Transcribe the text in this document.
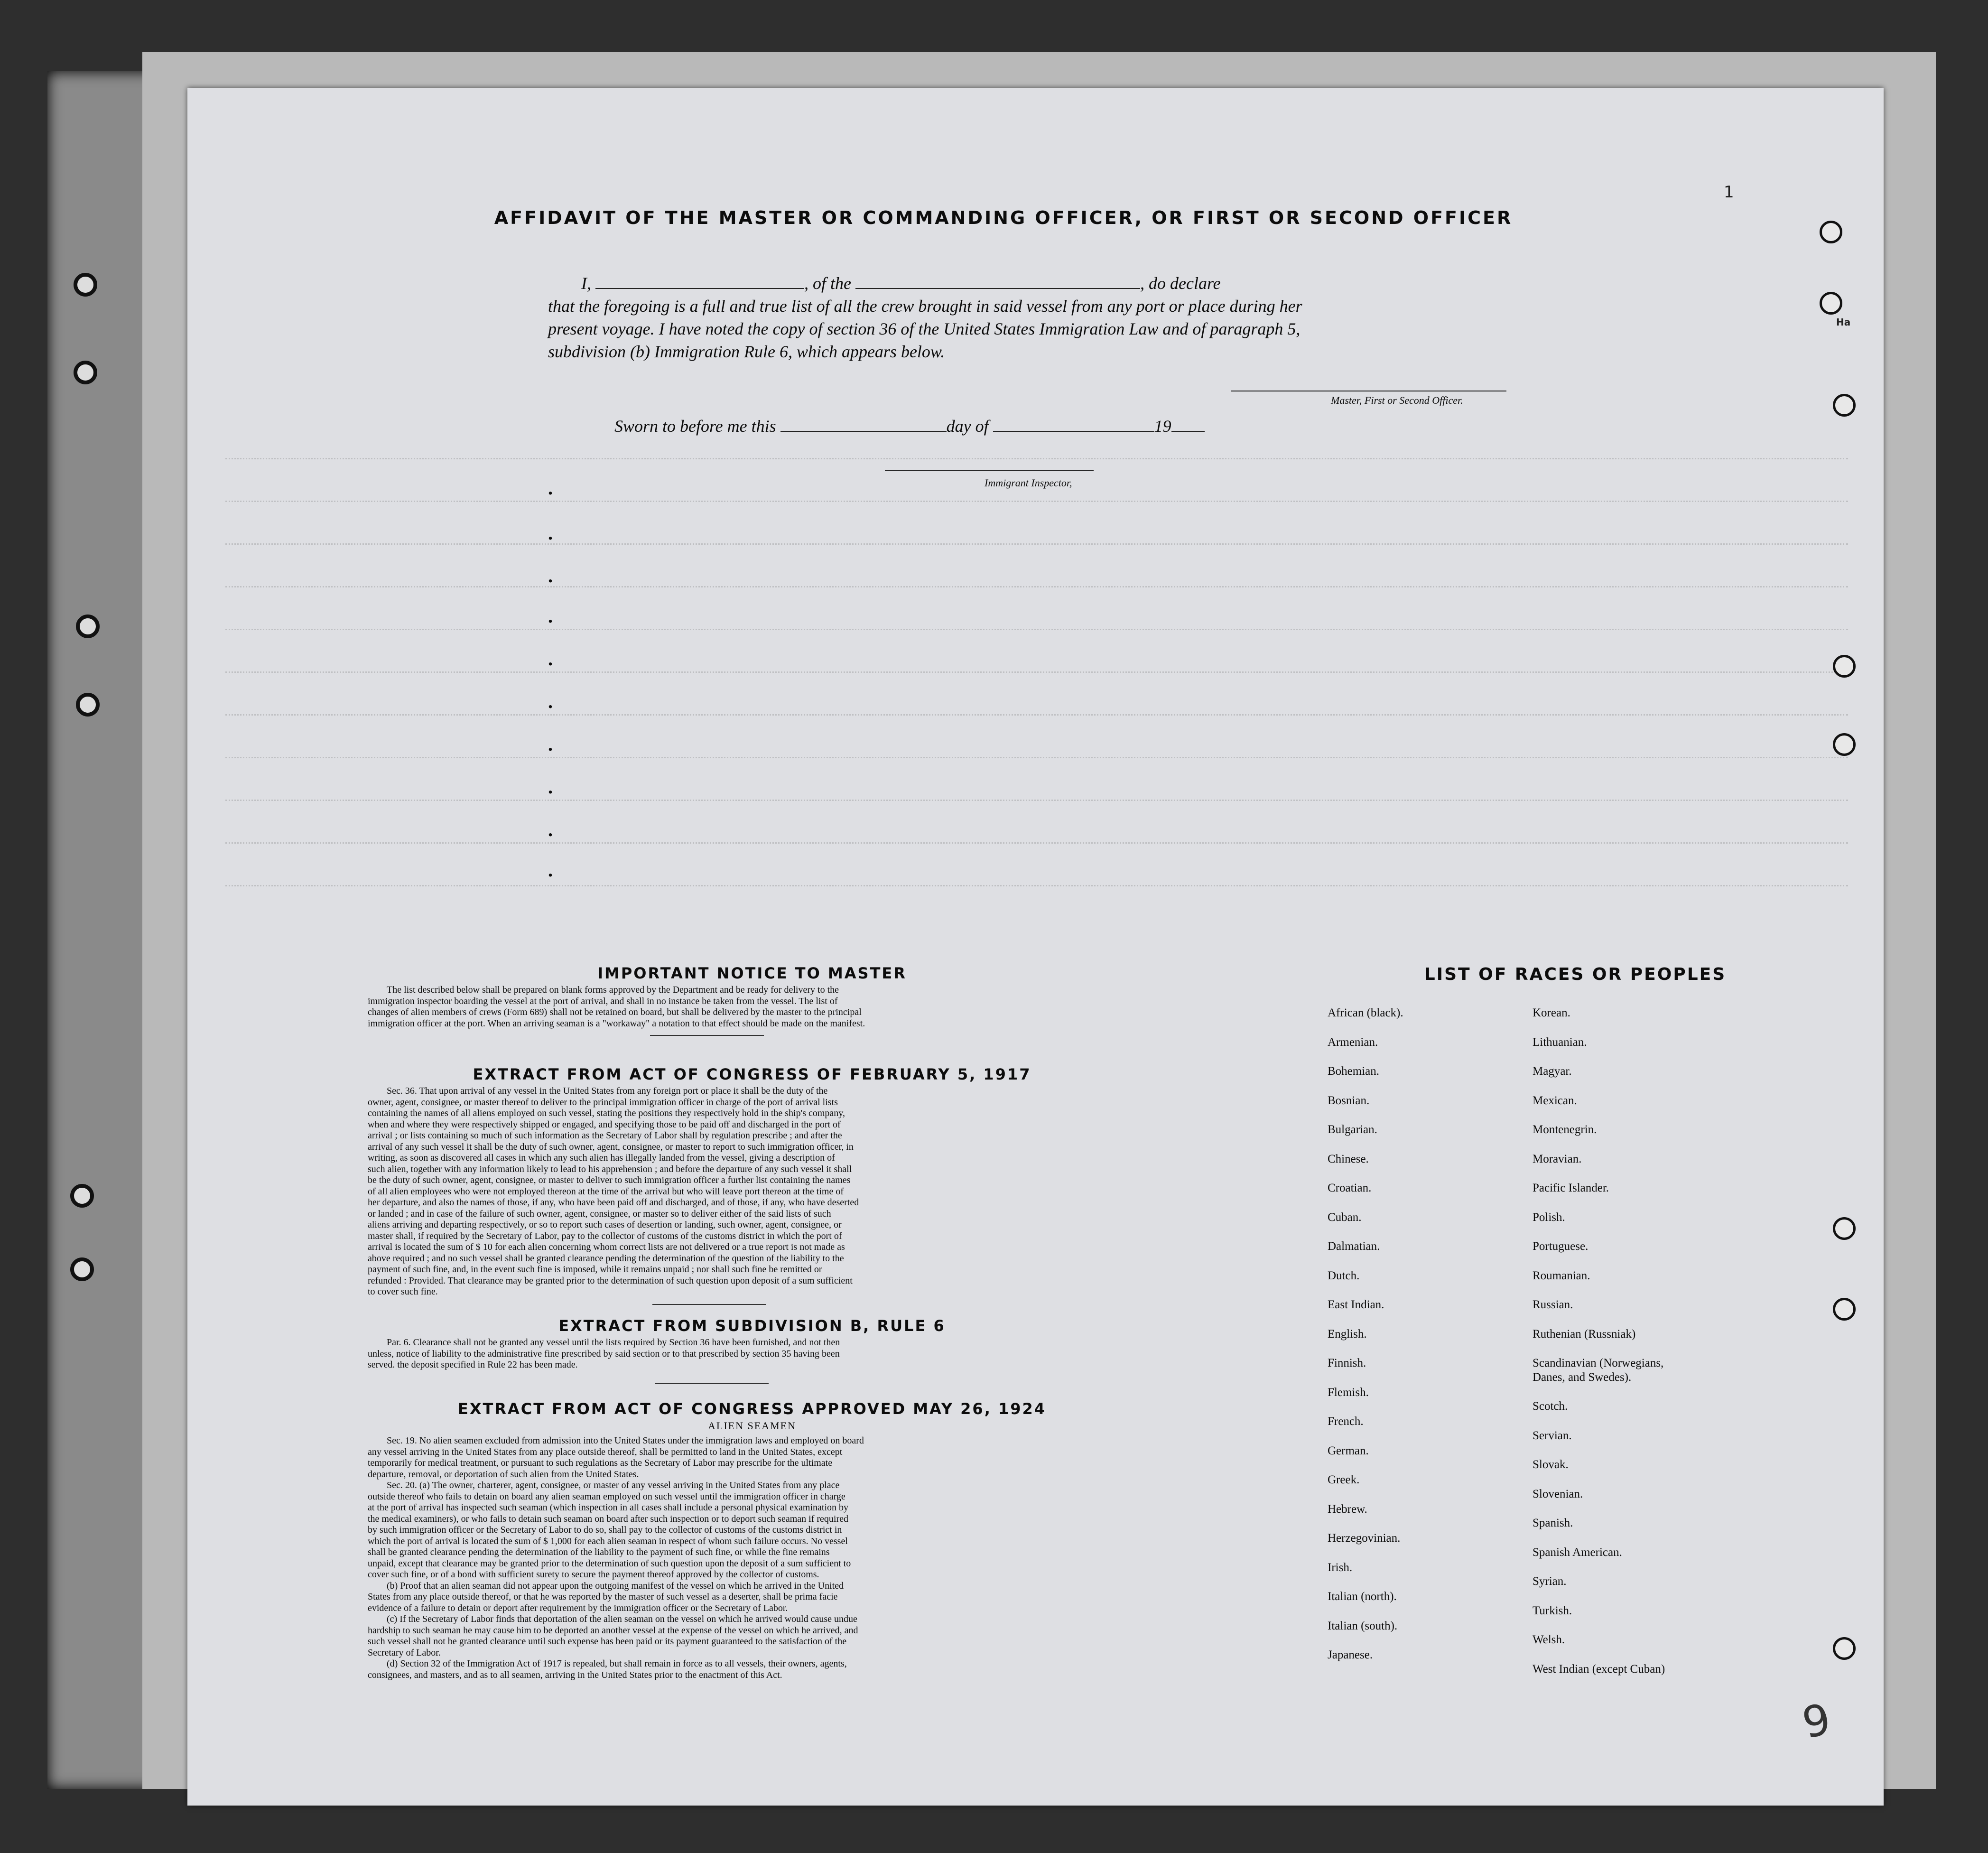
AFFIDAVIT OF THE MASTER OR COMMANDING OFFICER, OR FIRST OR SECOND OFFICER
I,	, of the	, do declare
that the foregoing is a full and true list of all the crew brought in said vessel from any port or place during her
present voyage. I have noted the copy of section 36 of the United States Immigration Law and of paragraph 5,
subdivision (b) Immigration Rule 6, which appears below.
Master, First or Second Officer.
Sworn to before me this	day of	19
Immigrant Inspector,
.
.
.
.
.
.
.
.
.
.
IMPORTANT NOTICE TO MASTER
The list described below shall be prepared on blank forms approved by the Department and be ready for delivery to the
immigration inspector boarding the vessel at the port of arrival, and shall in no instance be taken from the vessel. The list of
changes of alien members of crews (Form 689) shall not be retained on board, but shall be delivered by the master to the principal
immigration officer at the port. When an arriving seaman is a "workaway" a notation to that effect should be made on the manifest.
EXTRACT FROM ACT OF CONGRESS OF FEBRUARY 5, 1917
Sec. 36. That upon arrival of any vessel in the United States from any foreign port or place it shall be the duty of the
owner, agent, consignee, or master thereof to deliver to the principal immigration officer in charge of the port of arrival lists
containing the names of all aliens employed on such vessel, stating the positions they respectively hold in the ship's company,
when and where they were respectively shipped or engaged, and specifying those to be paid off and discharged in the port of
arrival ; or lists containing so much of such information as the Secretary of Labor shall by regulation prescribe ; and after the
arrival of any such vessel it shall be the duty of such owner, agent, consignee, or master to report to such immigration officer, in
writing, as soon as discovered all cases in which any such alien has illegally landed from the vessel, giving a description of
such alien, together with any information likely to lead to his apprehension ; and before the departure of any such vessel it shall
be the duty of such owner, agent, consignee, or master to deliver to such immigration officer a further list containing the names
of all alien employees who were not employed thereon at the time of the arrival but who will leave port thereon at the time of
her departure, and also the names of those, if any, who have been paid off and discharged, and of those, if any, who have deserted
or landed ; and in case of the failure of such owner, agent, consignee, or master so to deliver either of the said lists of such
aliens arriving and departing respectively, or so to report such cases of desertion or landing, such owner, agent, consignee, or
master shall, if required by the Secretary of Labor, pay to the collector of customs of the customs district in which the port of
arrival is located the sum of $ 10 for each alien concerning whom correct lists are not delivered or a true report is not made as
above required ; and no such vessel shall be granted clearance pending the determination of the question of the liability to the
payment of such fine, and, in the event such fine is imposed, while it remains unpaid ; nor shall such fine be remitted or
refunded : Provided. That clearance may be granted prior to the determination of such question upon deposit of a sum sufficient
to cover such fine.
EXTRACT FROM SUBDIVISION B, RULE 6
Par. 6. Clearance shall not be granted any vessel until the lists required by Section 36 have been furnished, and not then
unless, notice of liability to the administrative fine prescribed by said section or to that prescribed by section 35 having been
served. the deposit specified in Rule 22 has been made.
EXTRACT FROM ACT OF CONGRESS APPROVED MAY 26, 1924
ALIEN SEAMEN
Sec. 19. No alien seamen excluded from admission into the United States under the immigration laws and employed on board
any vessel arriving in the United States from any place outside thereof, shall be permitted to land in the United States, except
temporarily for medical treatment, or pursuant to such regulations as the Secretary of Labor may prescribe for the ultimate
departure, removal, or deportation of such alien from the United States.
Sec. 20. (a) The owner, charterer, agent, consignee, or master of any vessel arriving in the United States from any place
outside thereof who fails to detain on board any alien seaman employed on such vessel until the immigration officer in charge
at the port of arrival has inspected such seaman (which inspection in all cases shall include a personal physical examination by
the medical examiners), or who fails to detain such seaman on board after such inspection or to deport such seaman if required
by such immigration officer or the Secretary of Labor to do so, shall pay to the collector of customs of the customs district in
which the port of arrival is located the sum of $ 1,000 for each alien seaman in respect of whom such failure occurs. No vessel
shall be granted clearance pending the determination of the liability to the payment of such fine, or while the fine remains
unpaid, except that clearance may be granted prior to the determination of such question upon the deposit of a sum sufficient to
cover such fine, or of a bond with sufficient surety to secure the payment thereof approved by the collector of customs.
(b) Proof that an alien seaman did not appear upon the outgoing manifest of the vessel on which he arrived in the United
States from any place outside thereof, or that he was reported by the master of such vessel as a deserter, shall be prima facie
evidence of a failure to detain or deport after requirement by the immigration officer or the Secretary of Labor.
(c) If the Secretary of Labor finds that deportation of the alien seaman on the vessel on which he arrived would cause undue
hardship to such seaman he may cause him to be deported an another vessel at the expense of the vessel on which he arrived, and
such vessel shall not be granted clearance until such expense has been paid or its payment guaranteed to the satisfaction of the
Secretary of Labor.
(d) Section 32 of the Immigration Act of 1917 is repealed, but shall remain in force as to all vessels, their owners, agents,
consignees, and masters, and as to all seamen, arriving in the United States prior to the enactment of this Act.
LIST OF RACES OR PEOPLES
African (black).
Armenian.
Bohemian.
Bosnian.
Bulgarian.
Chinese.
Croatian.
Cuban.
Dalmatian.
Dutch.
East Indian.
English.
Finnish.
Flemish.
French.
German.
Greek.
Hebrew.
Herzegovinian.
Irish.
Italian (north).
Italian (south).
Japanese.
Korean.
Lithuanian.
Magyar.
Mexican.
Montenegrin.
Moravian.
Pacific Islander.
Polish.
Portuguese.
Roumanian.
Russian.
Ruthenian (Russniak)
Scandinavian (Norwegians, Danes, and Swedes).
Scotch.
Servian.
Slovak.
Slovenian.
Spanish.
Spanish American.
Syrian.
Turkish.
Welsh.
West Indian (except Cuban)
1
Ha
9
